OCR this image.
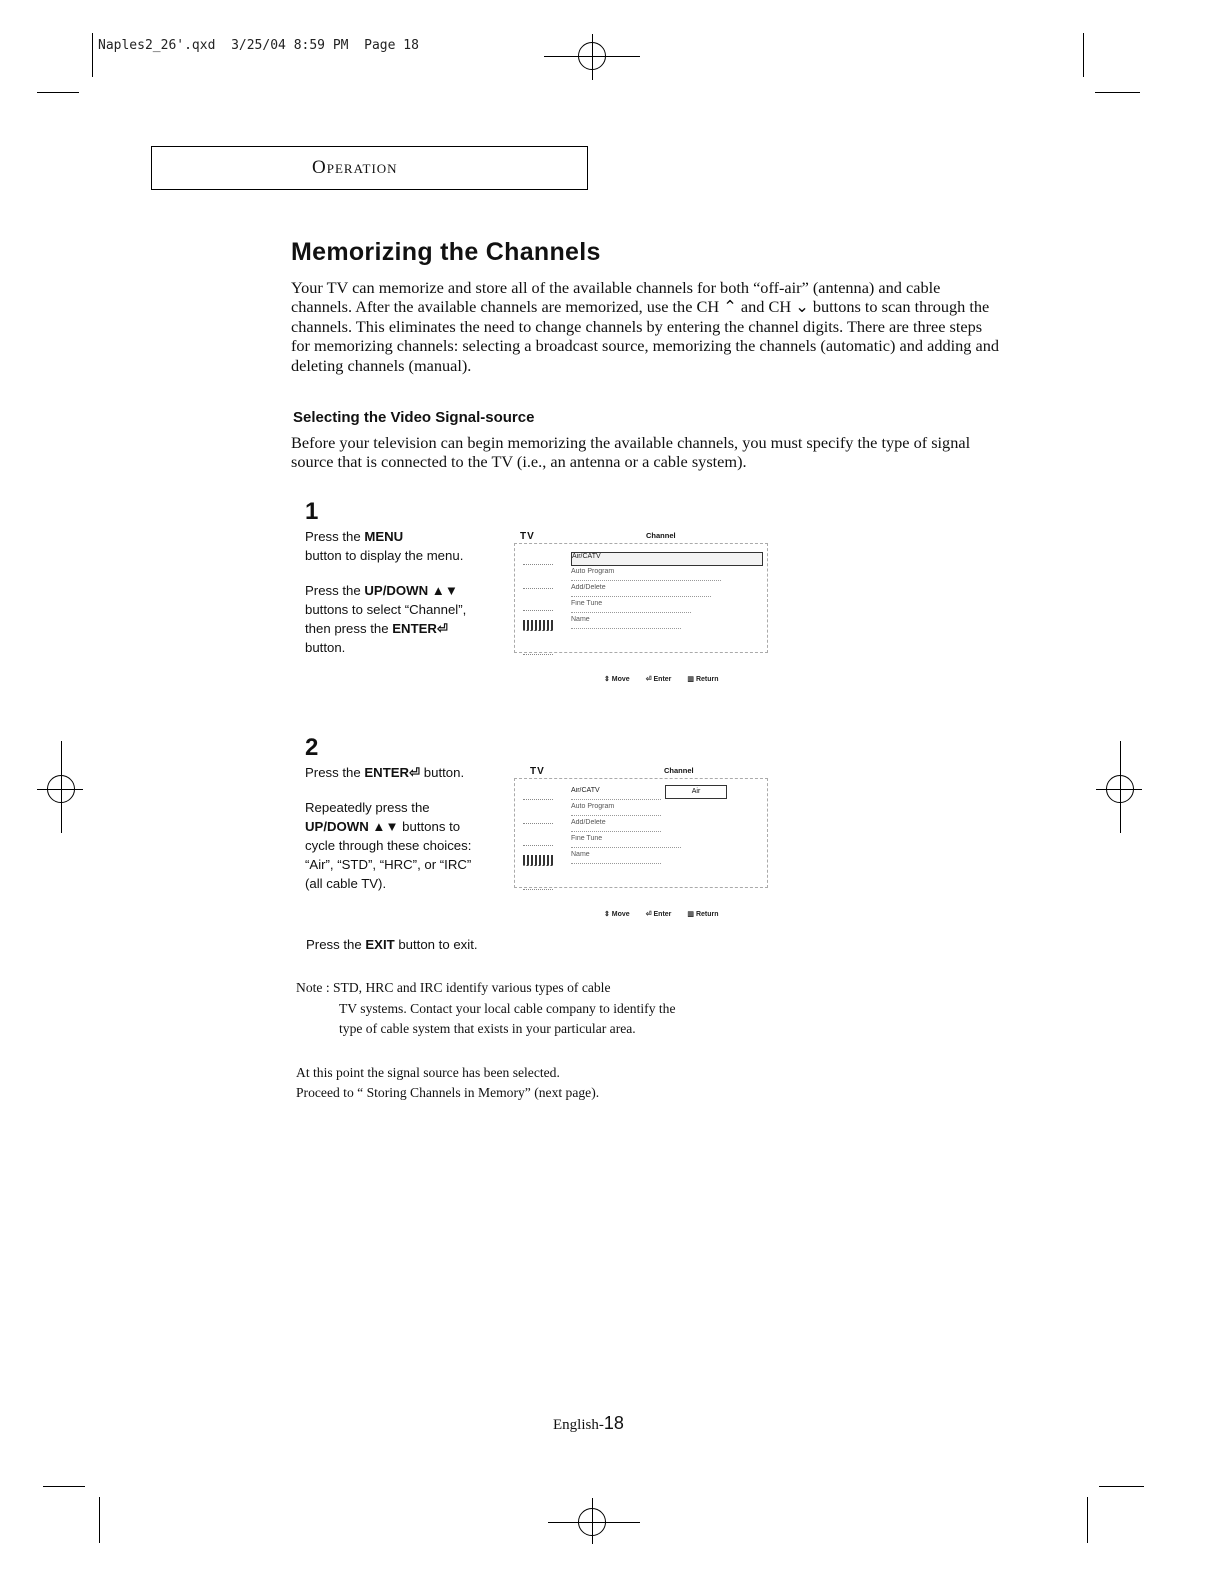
Naples2_26'.qxd 3/25/04 8:59 PM Page 18
Operation
Memorizing the Channels

Your TV can memorize and store all of the available channels for both “off-air” (antenna) and cable channels. After the available channels are memorized, use the CH ⌃ and CH ⌄ buttons to scan through the channels. This eliminates the need to change channels by entering the channel digits. There are three steps for memorizing channels: selecting a broadcast source, memorizing the channels (automatic) and adding and deleting channels (manual).

Selecting the Video Signal-source

Before your television can begin memorizing the available channels, you must specify the type of signal source that is connected to the TV (i.e., an antenna or a cable system).

1

Press the MENU

button to display the menu.

Press the UP/DOWN ▲▼

buttons to select “Channel”,

then press the ENTER⏎

button.

TV	Channel
Air/CATV
Auto Program
Add/Delete
Fine Tune
Name
⇕ Move ⏎ Enter ▥ Return
2

Press the ENTER⏎ button.

Repeatedly press the

UP/DOWN ▲▼ buttons to

cycle through these choices:

“Air”, “STD”, “HRC”, or “IRC”

(all cable TV).

TV	Channel
Air/CATV	Air
Auto Program
Add/Delete
Fine Tune
Name
⇕ Move ⏎ Enter ▥ Return
Press the EXIT button to exit.

Note : STD, HRC and IRC identify various types of cable

TV systems. Contact your local cable company to identify the

type of cable system that exists in your particular area.

At this point the signal source has been selected.

Proceed to “ Storing Channels in Memory” (next page).

English-18
